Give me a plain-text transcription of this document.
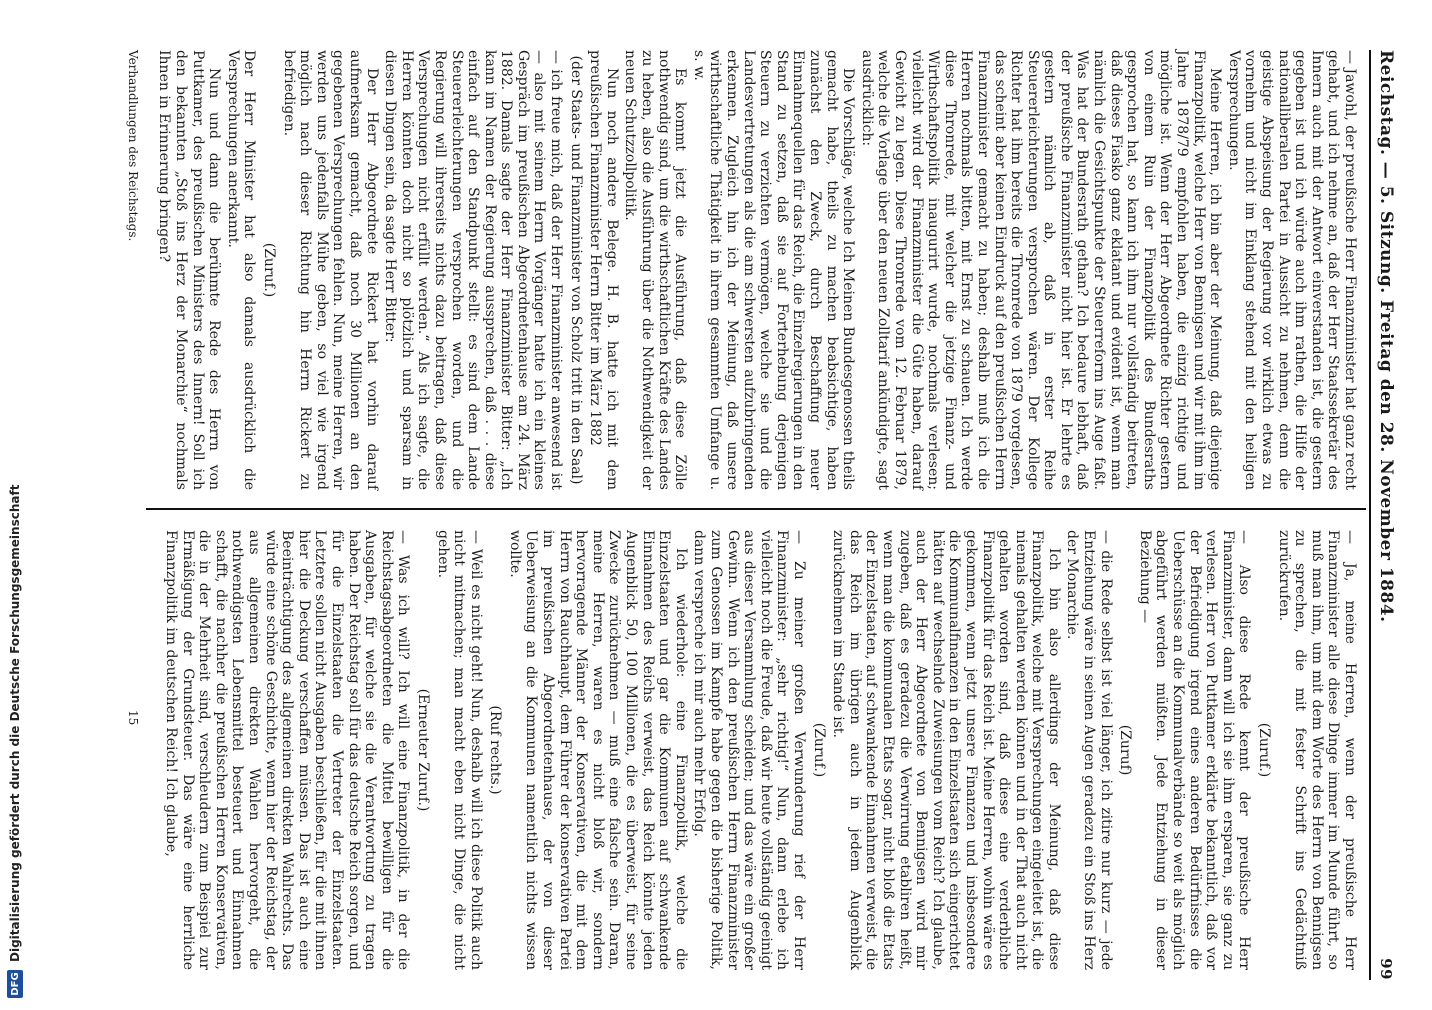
Reichstag. — 5. Sitzung. Freitag den 28. November 1884.
99

— Jawohl, der preußische Herr Finanzminister hat ganz recht gehabt, und ich nehme an, daß der Herr Staatssekretär des Innern auch mit der Antwort einverstanden ist, die gestern gegeben ist und ich würde auch ihm rathen, die Hilfe der nationalliberalen Partei in Aussicht zu nehmen, denn die geistige Abspeisung der Regierung vor wirklich etwas zu vornehm und nicht im Einklang stehend mit den heiligen Versprechungen.

Meine Herren, ich bin aber der Meinung, daß diejenige Finanzpolitik, welche Herr von Bennigsen und wir mit ihm im Jahre 1878/79 empfohlen haben, die einzig richtige und mögliche ist. Wenn der Herr Abgeordnete Richter gestern von einem Ruin der Finanzpolitik des Bundesraths gesprochen hat, so kann ich ihm nur vollständig beitreten, daß dieses Fiasko ganz eklatant und evident ist, wenn man nämlich die Gesichtspunkte der Steuerreform ins Auge faßt. Was hat der Bundesrath gethan? Ich bedaure lebhaft, daß der preußische Finanzminister nicht hier ist. Er lehrte es gestern nämlich ab, daß in erster Reihe Steuererleichterungen versprochen wären. Der Kollege Richter hat ihm bereits die Thronrede von 1879 vorgelesen, das scheint aber keinen Eindruck auf den preußischen Herrn Finanzminister gemacht zu haben; deshalb muß ich die Herren nochmals bitten, mit Ernst zu schauen. Ich werde diese Thronrede, mit welcher die jetzige Finanz- und Wirthschaftspolitik inaugurirt wurde, nochmals verlesen; vielleicht wird der Finanzminister die Güte haben, darauf Gewicht zu legen. Diese Thronrede vom 12. Februar 1879, welche die Vorlage über den neuen Zolltarif ankündigte, sagt ausdrücklich:

Die Vorschläge, welche Ich Meinen Bundesgenossen theils gemacht habe, theils zu machen beabsichtige, haben zunächst den Zweck, durch Beschaffung neuer Einnahmequellen für das Reich, die Einzelregierungen in den Stand zu setzen, daß sie auf Forterhebung derjenigen Steuern zu verzichten vermögen, welche sie und die Landesvertretungen als die am schwersten aufzubringenden erkennen. Zugleich hin ich der Meinung, daß unsere wirthschaftliche Thätigkeit in ihrem gesammten Umfange u. s. w.

Es kommt jetzt die Ausführung, daß diese Zölle nothwendig sind, um die wirthschaftlichen Kräfte des Landes zu heben, also die Ausführung über die Nothwendigkeit der neuen Schutzzollpolitik.

Nun noch andere Belege. H. B. hatte ich mit dem preußischen Finanzminister Herrn Bitter im März 1882

(der Staats- und Finanzminister von Scholz tritt in den Saal)

— ich freue mich, daß der Herr Finanzminister anwesend ist — also mit seinem Herrn Vorgänger hatte ich ein kleines Gespräch im preußischen Abgeordnetenhause am 24. März 1882. Damals sagte der Herr Finanzminister Bitter: „Ich kann im Namen der Regierung aussprechen, daß . . . diese einfach auf den Standpunkt stellt: es sind dem Lande Steuererleichterungen versprochen worden, und die Regierung will ihrerseits nichts dazu beitragen, daß diese Versprechungen nicht erfüllt werden.“ Als ich sagte, die Herren könnten doch nicht so plötzlich und sparsam in diesen Dingen sein, da sagte Herr Bitter:

Der Herr Abgeordnete Rickert hat vorhin darauf aufmerksam gemacht, daß noch 30 Millionen an den gegebenen Versprechungen fehlen. Nun, meine Herren, wir werden uns jedenfalls Mühe geben, so viel wie irgend möglich nach dieser Richtung hin Herrn Rickert zu befriedigen.

(Zuruf.)

Der Herr Minister hat also damals ausdrücklich die Versprechungen anerkannt.

Nun und dann die berühmte Rede des Herrn von Puttkamer, des preußischen Ministers des Innern! Soll ich den bekannten „Stoß ins Herz der Monarchie“ nochmals Ihnen in Erinnerung bringen?

— Ja, meine Herren, wenn der preußische Herr Finanzminister alle diese Dinge immer im Munde führt, so muß man ihm, um mit dem Worte des Herrn von Bennigsen zu sprechen, die mit fester Schrift ins Gedächtniß zurückrufen.

(Zuruf.)

— Also diese Rede kennt der preußische Herr Finanzminister, dann will ich sie ihm ersparen, sie ganz zu verlesen. Herr von Puttkamer erklärte bekanntlich, daß vor der Befriedigung irgend eines anderen Bedürfnisses die Ueberschüsse an die Kommunalverbände so weit als möglich abgeführt werden müßten. Jede Entziehung in dieser Beziehung —

(Zuruf)

— die Rede selbst ist viel länger, ich zitire nur kurz — jede Entziehung wäre in seinen Augen geradezu ein Stoß ins Herz der Monarchie.

Ich bin also allerdings der Meinung, daß diese Finanzpolitik, welche mit Versprechungen eingeleitet ist, die niemals gehalten werden können und in der That auch nicht gehalten worden sind, daß diese eine verderbliche Finanzpolitik für das Reich ist. Meine Herren, wohin wäre es gekommen, wenn jetzt unsere Finanzen und insbesondere die Kommunalfinanzen in den Einzelstaaten sich eingerichtet hätten auf wechselnde Zuweisungen vom Reich? Ich glaube, auch der Herr Abgeordnete von Bennigsen wird mir zugeben, daß es geradezu die Verwirrung etabliren heißt, wenn man die kommunalen Etats sogar, nicht bloß die Etats der Einzelstaaten, auf schwankende Einnahmen verweist, die das Reich im übrigen auch in jedem Augenblick zurücknehmen im Stande ist.

(Zuruf.)

— Zu meiner großen Verwunderung rief der Herr Finanzminister: „sehr richtig!“ Nun, dann erlebe ich vielleicht noch die Freude, daß wir heute vollständig geeinigt aus dieser Versammlung scheiden; und das wäre ein großer Gewinn. Wenn ich den preußischen Herrn Finanzminister zum Genossen im Kampfe habe gegen die bisherige Politik, dann verspreche ich mir auch mehr Erfolg.

Ich wiederhole: eine Finanzpolitik, welche die Einzelstaaten und gar die Kommunen auf schwankende Einnahmen des Reichs verweist, das Reich könnte jeden Augenblick 50, 100 Millionen, die es überweist, für seine Zwecke zurücknehmen — muß eine falsche sein. Daran, meine Herren, waren es nicht bloß wir, sondern hervorragende Männer der Konservativen, die mit dem Herrn von Rauchhaupt, dem Führer der konservativen Partei im preußischen Abgeordnetenhause, der von dieser Ueberweisung an die Kommunen namentlich nichts wissen wollte.

(Ruf rechts.)

— Weil es nicht geht! Nun, deshalb will ich diese Politik auch nicht mitmachen; man macht eben nicht Dinge, die nicht gehen.

(Erneuter Zuruf.)

— Was ich will? Ich will eine Finanzpolitik, in der die Reichstagsabgeordneten die Mittel bewilligen für die Ausgaben, für welche sie die Verantwortung zu tragen haben. Der Reichstag soll für das deutsche Reich sorgen, und für die Einzelstaaten die Vertreter der Einzelstaaten. Letztere sollen nicht Ausgaben beschließen, für die mit ihnen hier die Deckung verschaffen müssen. Das ist auch eine Beeinträchtigung des allgemeinen direkten Wahlrechts. Das würde eine schöne Geschichte, wenn hier der Reichstag, der aus allgemeinen direkten Wahlen hervorgeht, die nothwendigsten Lebensmittel besteuert und Einnahmen schafft, die nachher die preußischen Herren Konservativen, die in der Mehrheit sind, verschleudern zum Beispiel zur Ermäßigung der Grundsteuer. Das wäre eine herrliche Finanzpolitik im deutschen Reich! Ich glaube,

Verhandlungen des Reichstags.
15
DFG
Digitalisierung gefördert durch die Deutsche Forschungsgemeinschaft
